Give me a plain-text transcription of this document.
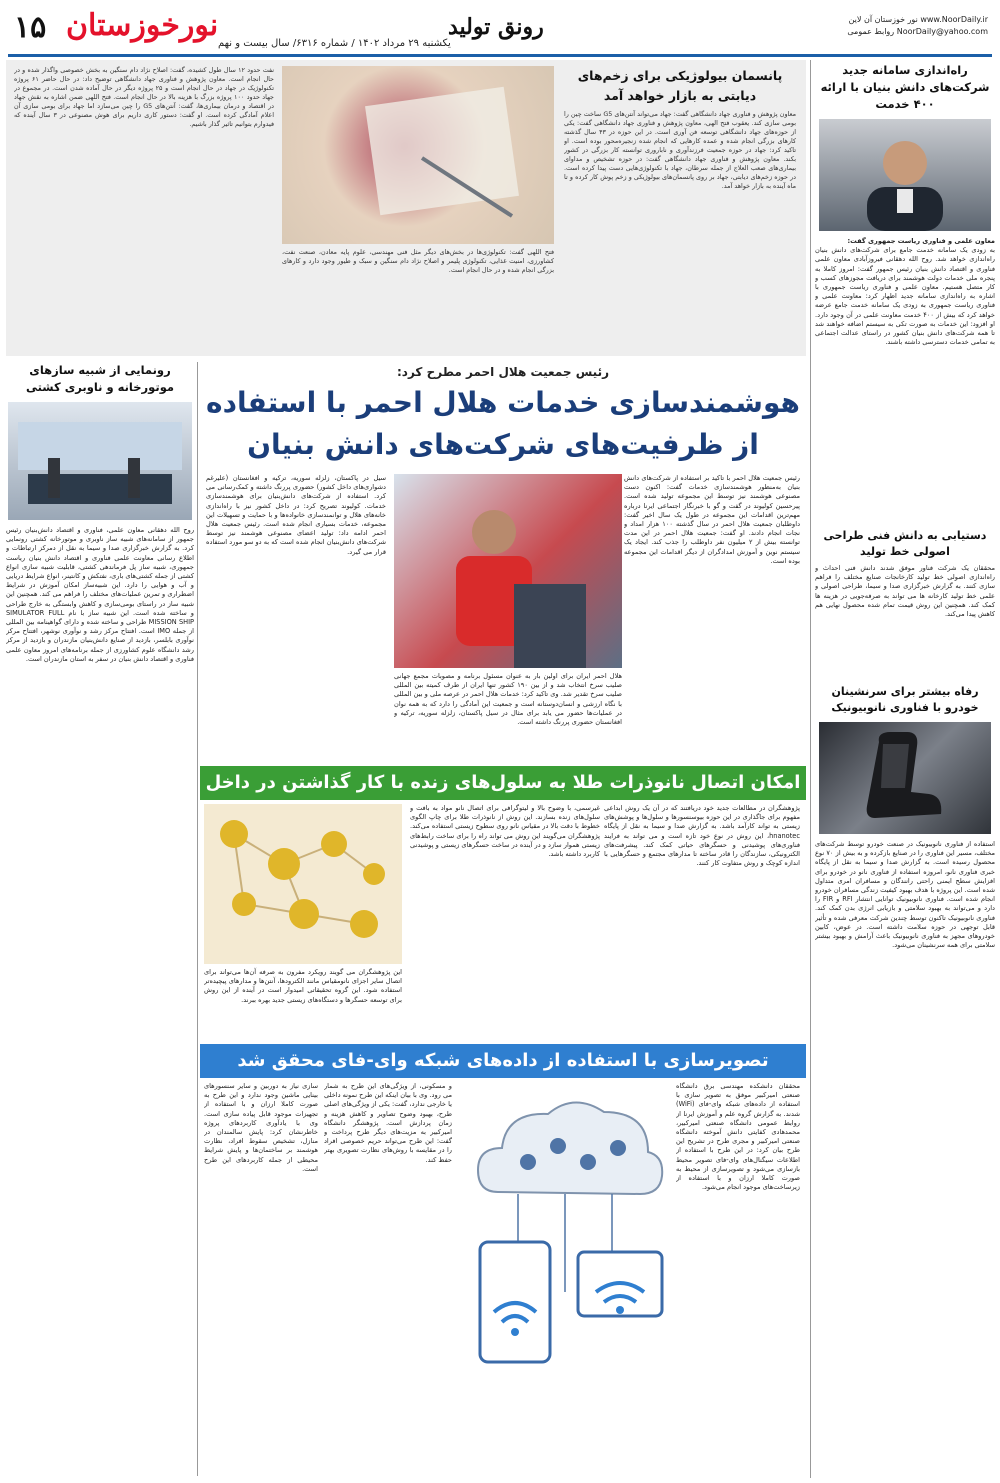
۱۵ نورخوزستان
یکشنبه ۲۹ مرداد ۱۴۰۲ / شماره ۶۳۱۶/ سال بیست و نهم
رونق تولید	www.NoorDaily.ir نور خوزستان آن لاین
NoorDaily@yahoo.com روابط عمومی
راه‌اندازی سامانه جدید شرکت‌های دانش بنیان با ارائه ۴۰۰ خدمت
معاون علمی و فناوری ریاست جمهوری گفت:
به زودی یک سامانه خدمت جامع برای شرکت‌های دانش بنیان راه‌اندازی خواهد شد. روح الله دهقانی فیروزآبادی معاون علمی فناوری و اقتصاد دانش بنیان رئیس جمهور گفت: امروز کاملا به پنجره ملی خدمات دولت هوشمند برای دریافت مجوزهای کسب و کار متصل هستیم. معاون علمی و فناوری ریاست جمهوری با اشاره به راه‌اندازی سامانه جدید اظهار کرد: معاونت علمی و فناوری ریاست جمهوری به زودی یک سامانه خدمت جامع عرضه خواهد کرد که بیش از ۴۰۰ خدمت معاونت علمی در آن وجود دارد. او افزود: این خدمات به صورت تکی به سیستم اضافه خواهند شد تا همه شرکت‌های دانش بنیان کشور در راستای عدالت اجتماعی به تمامی خدمات دسترسی داشته باشند.
دستیابی به دانش فنی طراحی اصولی خط تولید
محققان یک شرکت فناور موفق شدند دانش فنی احداث و راه‌اندازی اصولی خط تولید کارخانجات صنایع مختلف را فراهم سازی کنند. به گزارش خبرگزاری صدا و سیما، طراحی اصولی و علمی خط تولید کارخانه ها می تواند به صرفه‌جویی در هزینه ها کمک کند. همچنین این روش قیمت تمام شده محصول نهایی هم کاهش پیدا می‌کند.
رفاه بیشتر برای سرنشینان خودرو با فناوری نانوبیونیک
استفاده از فناوری نانوبیونیک در صنعت خودرو توسط شرکت‌های مختلف، مسیر این فناوری را در صنایع بازکرده و به بیش از ۷۰ نوع محصول رسیده است. به گزارش صدا و سیما به نقل از پایگاه خبری فناوری نانو، امروزه استفاده از فناوری نانو در خودرو برای افزایش سطح ایمنی راحتی رانندگان و مسافران امری متداول شده است. این پروژه با هدف بهبود کیفیت زندگی مسافران خودرو انجام شده است. فناوری نانوبیونیک توانایی انتشار RFI و FIR را دارد و می‌تواند به بهبود سلامتی و بازیابی انرژی بدن کمک کند. فناوری نانوبیونیک تاکنون توسط چندین شرکت معرفی شده و تأثیر قابل توجهی در حوزه سلامت داشته است. در عوض، کابین خودروهای مجهز به فناوری نانوبیونیک باعث آرامش و بهبود بیشتر سلامتی برای همه سرنشینان می‌شود.
پانسمان بیولوژیکی برای زخم‌های دیابتی به بازار خواهد آمد
معاون پژوهش و فناوری جهاد دانشگاهی گفت: جهاد می‌تواند آنتن‌های G5 ساخت چین را بومی سازی کند. یعقوب فتح الهی، معاون پژوهش و فناوری جهاد دانشگاهی گفت: یکی از حوزه‌های جهاد دانشگاهی توسعه فن آوری است. در این حوزه در ۴۳ سال گذشته کارهای بزرگی انجام شده و عمده کارهایی که انجام شده زنجیره‌محور بوده است. او تاکید کرد: جهاد در حوزه جمعیت فرزندآوری و ناباروری توانسته کار بزرگی در کشور بکند. معاون پژوهش و فناوری جهاد دانشگاهی گفت: در حوزه تشخیص و مداوای بیماری‌های صعب العلاج از جمله سرطان، جهاد با تکنولوژی‌هایی دست پیدا کرده است. در حوزه زخم‌های دیابتی، جهاد بر روی پانسمان‌های بیولوژیکی و زخم پوش کار کرده و تا ماه آینده به بازار خواهد آمد.
فتح اللهی گفت: تکنولوژی‌ها در بخش‌های دیگر مثل فنی مهندسی، علوم پایه معادن، صنعت نفت، کشاورزی، امنیت غذایی، تکنولوژی پلیمر و اصلاح نژاد دام سنگین و سبک و طیور وجود دارد و کارهای بزرگی انجام شده و در حال انجام است.
نفت حدود ۱۲ سال طول کشیده، گفت: اصلاح نژاد دام سنگین به بخش خصوصی واگذار شده و در حال انجام است. معاون پژوهش و فناوری جهاد دانشگاهی توضیح داد: در حال حاضر ۶۱ پروژه تکنولوژیک در جهاد در حال انجام است و ۲۵ پروژه دیگر در حال آماده شدن است. در مجموع در جهاد حدود ۱۰۰ پروژه بزرگ با هزینه بالا در حال انجام است. فتح اللهی ضمن اشاره به نقش جهاد در اقتصاد و درمان بیماری‌ها، گفت: آنتن‌های G5 را چین می‌سازد اما جهاد برای بومی سازی آن اعلام آمادگی کرده است. او گفت: دستور کاری داریم برای هوش مصنوعی در ۳ سال آینده که فیدوارم بتوانیم تاثیر گذار باشیم.
رئیس جمعیت هلال احمر مطرح کرد:
هوشمندسازی خدمات هلال احمر با استفاده از ظرفیت‌های شرکت‌های دانش بنیان
رئیس جمعیت هلال احمر با تاکید بر استفاده از شرکت‌های دانش بنیان به‌منظور هوشمندسازی خدمات گفت: اکنون دست مصنوعی هوشمند نیز توسط این مجموعه تولید شده است. پیرحسین کولیوند در گفت و گو با خبرنگار اجتماعی ایرنا درباره مهم‌ترین اقدامات این مجموعه در طول یک سال اخیر گفت: داوطلبان جمعیت هلال احمر در سال گذشته ۱۰۰ هزار امداد و نجات انجام دادند. او گفت: جمعیت هلال احمر در این مدت توانسته بیش از ۲ میلیون نفر داوطلب را جذب کند. ایجاد یک سیستم نوین و آموزش امدادگران از دیگر اقدامات این مجموعه بوده است.
هلال احمر ایران برای اولین بار به عنوان مسئول برنامه و مصوبات مجمع جهانی صلیب سرخ انتخاب شد و از بین ۱۹۰ کشور تنها ایران از طرف کمیته بین المللی صلیب سرخ تقدیر شد. وی تاکید کرد: خدمات هلال احمر در عرصه ملی و بین المللی با نگاه ارزشی و انسان‌دوستانه است و جمعیت این آمادگی را دارد که به همه نوان در عملیات‌ها حضور می یابد برای مثال در سیل پاکستان، زلزله سوریه، ترکیه و افغانستان حضوری پررنگ داشته است.
سیل در پاکستان، زلزله سوریه، ترکیه و افغانستان (علیرغم دشواری‌های داخل کشور) حضوری پررنگ داشته و کمک‌رسانی می کرد. استفاده از شرکت‌های دانش‌بنیان برای هوشمندسازی خدمات. کولیوند تصریح کرد: در داخل کشور نیز با راه‌اندازی خانه‌های هلال و توانمندسازی خانواده‌ها و با حمایت و تسهیلات این مجموعه، خدمات بسیاری انجام شده است. رئیس جمعیت هلال احمر ادامه داد: تولید اعضای مصنوعی هوشمند نیز توسط شرکت‌های دانش‌بنیان انجام شده است که به دو سو مورد استفاده قرار می گیرد.
رونمایی از شبیه سازهای موتورخانه و ناوبری کشتی
روح الله دهقانی معاون علمی، فناوری و اقتصاد دانش‌بنیان رئیس جمهور از سامانه‌های شبیه ساز ناوبری و موتورخانه کشتی رونمایی کرد. به گزارش خبرگزاری صدا و سیما به نقل از دمرکز ارتباطات و اطلاع رسانی معاونت علمی فناوری و اقتصاد دانش بنیان ریاست جمهوری، شبیه ساز پل فرماندهی کشتی، قابلیت شبیه سازی انواع کشتی از جمله کشتی‌های باری، نفتکش و کانتینر، انواع شرایط دریایی و آب و هوایی را دارد. این شبیه‌ساز امکان آموزش در شرایط اضطراری و تمرین عملیات‌های مختلف را فراهم می کند. همچنین این شبیه ساز در راستای بومی‌سازی و کاهش وابستگی به خارج طراحی و ساخته شده است. این شبیه ساز با نام SIMULATOR FULL MISSION SHIP طراحی و ساخته شده و دارای گواهینامه بین المللی از جمله IMO است. افتتاح مرکز رشد و نوآوری نوشهر، افتتاح مرکز نوآوری بابلسر، بازدید از صنایع دانش‌بنیان مازندران و بازدید از مرکز رشد دانشگاه علوم کشاورزی از جمله برنامه‌های امروز معاون علمی فناوری و اقتصاد دانش بنیان در سفر به استان مازندران است.
امکان اتصال نانوذرات طلا به سلول‌های زنده با کار گذاشتن در داخل
پژوهشگران در مطالعات جدید خود دریافتند که در آن یک روش ابداعی مفهوم برای جاگذاری در این حوزه بیوسنسورها و سلول‌ها و پوشش‌های زیستی به تواند کارآمد باشد. به گزارش صدا و سیما به نقل از پایگاه hnanotec، این روش در نوع خود تازه است و می تواند به فرایند فناوری‌های پوشیدنی و حسگرهای حیاتی کمک کند. پیشرفت‌های الکترونیکی، سازندگان را قادر ساخته تا مدارهای مجتمع و حسگرهایی با اندازه کوچک و روش متفاوت کار کنند.
غیرسمی، با وضوح بالا و لیتوگرافی برای اتصال نانو مواد به بافت و سلول‌های زنده بسازند. این روش از نانوذرات طلا برای چاپ الگوی خطوط با دقت بالا در مقیاس نانو روی سطوح زیستی استفاده می‌کند. پژوهشگران می‌گویند این روش می تواند راه را برای ساخت رابط‌های زیستی هموار سازد و در آینده در ساخت حسگرهای زیستی و پوشیدنی کاربرد داشته باشد.
این پژوهشگران می گویند رویکرد مفرون به صرفه آن‌ها می‌تواند برای اتصال سایر اجزای نانومقیاس مانند الکترودها، آنتن‌ها و مدارهای پیچیده‌تر استفاده شود. این گروه تحقیقاتی امیدوار است در آینده از این روش برای توسعه حسگرها و دستگاه‌های زیستی جدید بهره ببرند.
تصویرسازی با استفاده از داده‌های شبکه وای-فای محقق شد
محققان دانشکده مهندسی برق دانشگاه صنعتی امیرکبیر موفق به تصویر سازی با استفاده از داده‌های شبکه وای-فای (WiFi) شدند. به گزارش گروه علم و آموزش ایرنا از روابط عمومی دانشگاه صنعتی امیرکبیر، محمدهادی کفایتی دانش آموخته دانشگاه صنعتی امیرکبیر و مجری طرح در تشریح این طرح بیان کرد: در این طرح با استفاده از اطلاعات سیگنال‌های وای-فای تصویر محیط بازسازی می‌شود و تصویرسازی از محیط به صورت کاملا ارزان و با استفاده از زیرساخت‌های موجود انجام می‌شود.
و مسکونی، از ویژگی‌های این طرح به شمار می رود. وی با بیان اینکه این طرح نمونه داخلی یا خارجی ندارد، گفت: یکی از ویژگی‌های اصلی طرح، بهبود وضوح تصاویر و کاهش هزینه و زمان پردازش است. پژوهشگر دانشگاه امیرکبیر به مزیت‌های دیگر طرح پرداخت و گفت: این طرح می‌تواند حریم خصوصی افراد را در مقایسه با روش‌های نظارت تصویری بهتر حفظ کند.
سازی نیاز به دوربین و سایر سنسورهای بینایی ماشین وجود ندارد و این طرح به صورت کاملا ارزان و با استفاده از تجهیزات موجود قابل پیاده سازی است. وی با یادآوری کاربردهای پروژه خاطرنشان کرد: پایش سالمندان در منازل، تشخیص سقوط افراد، نظارت هوشمند بر ساختمان‌ها و پایش شرایط محیطی از جمله کاربردهای این طرح است.
